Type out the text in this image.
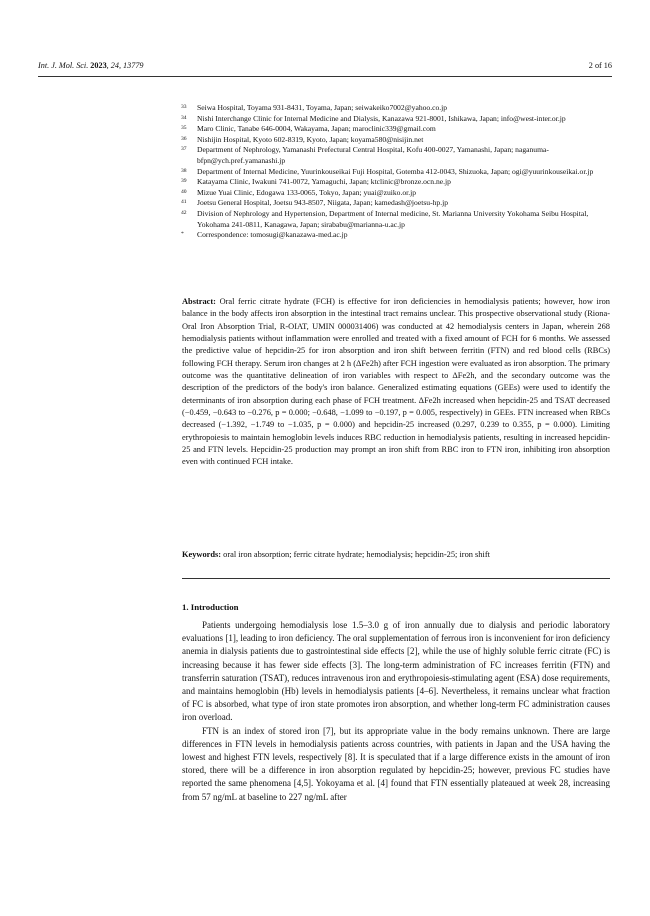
Int. J. Mol. Sci. 2023, 24, 13779	2 of 16
33	Seiwa Hospital, Toyama 931-8431, Toyama, Japan; seiwakeiko7002@yahoo.co.jp
34	Nishi Interchange Clinic for Internal Medicine and Dialysis, Kanazawa 921-8001, Ishikawa, Japan; info@west-inter.or.jp
35	Maro Clinic, Tanabe 646-0004, Wakayama, Japan; maroclinic339@gmail.com
36	Nishijin Hospital, Kyoto 602-8319, Kyoto, Japan; koyama580@nisijin.net
37	Department of Nephrology, Yamanashi Prefectural Central Hospital, Kofu 400-0027, Yamanashi, Japan; naganuma-bfpn@ych.pref.yamanashi.jp
38	Department of Internal Medicine, Yuurinkouseikai Fuji Hospital, Gotemba 412-0043, Shizuoka, Japan; ogi@yuurinkouseikai.or.jp
39	Katayama Clinic, Iwakuni 741-0072, Yamaguchi, Japan; ktclinic@bronze.ocn.ne.jp
40	Mizue Yuai Clinic, Edogawa 133-0065, Tokyo, Japan; yuai@zuiko.or.jp
41	Joetsu General Hospital, Joetsu 943-8507, Niigata, Japan; kamedash@joetsu-hp.jp
42	Division of Nephrology and Hypertension, Department of Internal medicine, St. Marianna University Yokohama Seibu Hospital, Yokohama 241-0811, Kanagawa, Japan; sirababu@marianna-u.ac.jp
*	Correspondence: tomosugi@kanazawa-med.ac.jp
Abstract: Oral ferric citrate hydrate (FCH) is effective for iron deficiencies in hemodialysis patients; however, how iron balance in the body affects iron absorption in the intestinal tract remains unclear. This prospective observational study (Riona-Oral Iron Absorption Trial, R-OIAT, UMIN 000031406) was conducted at 42 hemodialysis centers in Japan, wherein 268 hemodialysis patients without inflammation were enrolled and treated with a fixed amount of FCH for 6 months. We assessed the predictive value of hepcidin-25 for iron absorption and iron shift between ferritin (FTN) and red blood cells (RBCs) following FCH therapy. Serum iron changes at 2 h (ΔFe2h) after FCH ingestion were evaluated as iron absorption. The primary outcome was the quantitative delineation of iron variables with respect to ΔFe2h, and the secondary outcome was the description of the predictors of the body's iron balance. Generalized estimating equations (GEEs) were used to identify the determinants of iron absorption during each phase of FCH treatment. ΔFe2h increased when hepcidin-25 and TSAT decreased (−0.459, −0.643 to −0.276, p = 0.000; −0.648, −1.099 to −0.197, p = 0.005, respectively) in GEEs. FTN increased when RBCs decreased (−1.392, −1.749 to −1.035, p = 0.000) and hepcidin-25 increased (0.297, 0.239 to 0.355, p = 0.000). Limiting erythropoiesis to maintain hemoglobin levels induces RBC reduction in hemodialysis patients, resulting in increased hepcidin-25 and FTN levels. Hepcidin-25 production may prompt an iron shift from RBC iron to FTN iron, inhibiting iron absorption even with continued FCH intake.
Keywords: oral iron absorption; ferric citrate hydrate; hemodialysis; hepcidin-25; iron shift
1. Introduction

Patients undergoing hemodialysis lose 1.5–3.0 g of iron annually due to dialysis and periodic laboratory evaluations [1], leading to iron deficiency. The oral supplementation of ferrous iron is inconvenient for iron deficiency anemia in dialysis patients due to gastrointestinal side effects [2], while the use of highly soluble ferric citrate (FC) is increasing because it has fewer side effects [3]. The long-term administration of FC increases ferritin (FTN) and transferrin saturation (TSAT), reduces intravenous iron and erythropoiesis-stimulating agent (ESA) dose requirements, and maintains hemoglobin (Hb) levels in hemodialysis patients [4–6]. Nevertheless, it remains unclear what fraction of FC is absorbed, what type of iron state promotes iron absorption, and whether long-term FC administration causes iron overload.

FTN is an index of stored iron [7], but its appropriate value in the body remains unknown. There are large differences in FTN levels in hemodialysis patients across countries, with patients in Japan and the USA having the lowest and highest FTN levels, respectively [8]. It is speculated that if a large difference exists in the amount of iron stored, there will be a difference in iron absorption regulated by hepcidin-25; however, previous FC studies have reported the same phenomena [4,5]. Yokoyama et al. [4] found that FTN essentially plateaued at week 28, increasing from 57 ng/mL at baseline to 227 ng/mL after
